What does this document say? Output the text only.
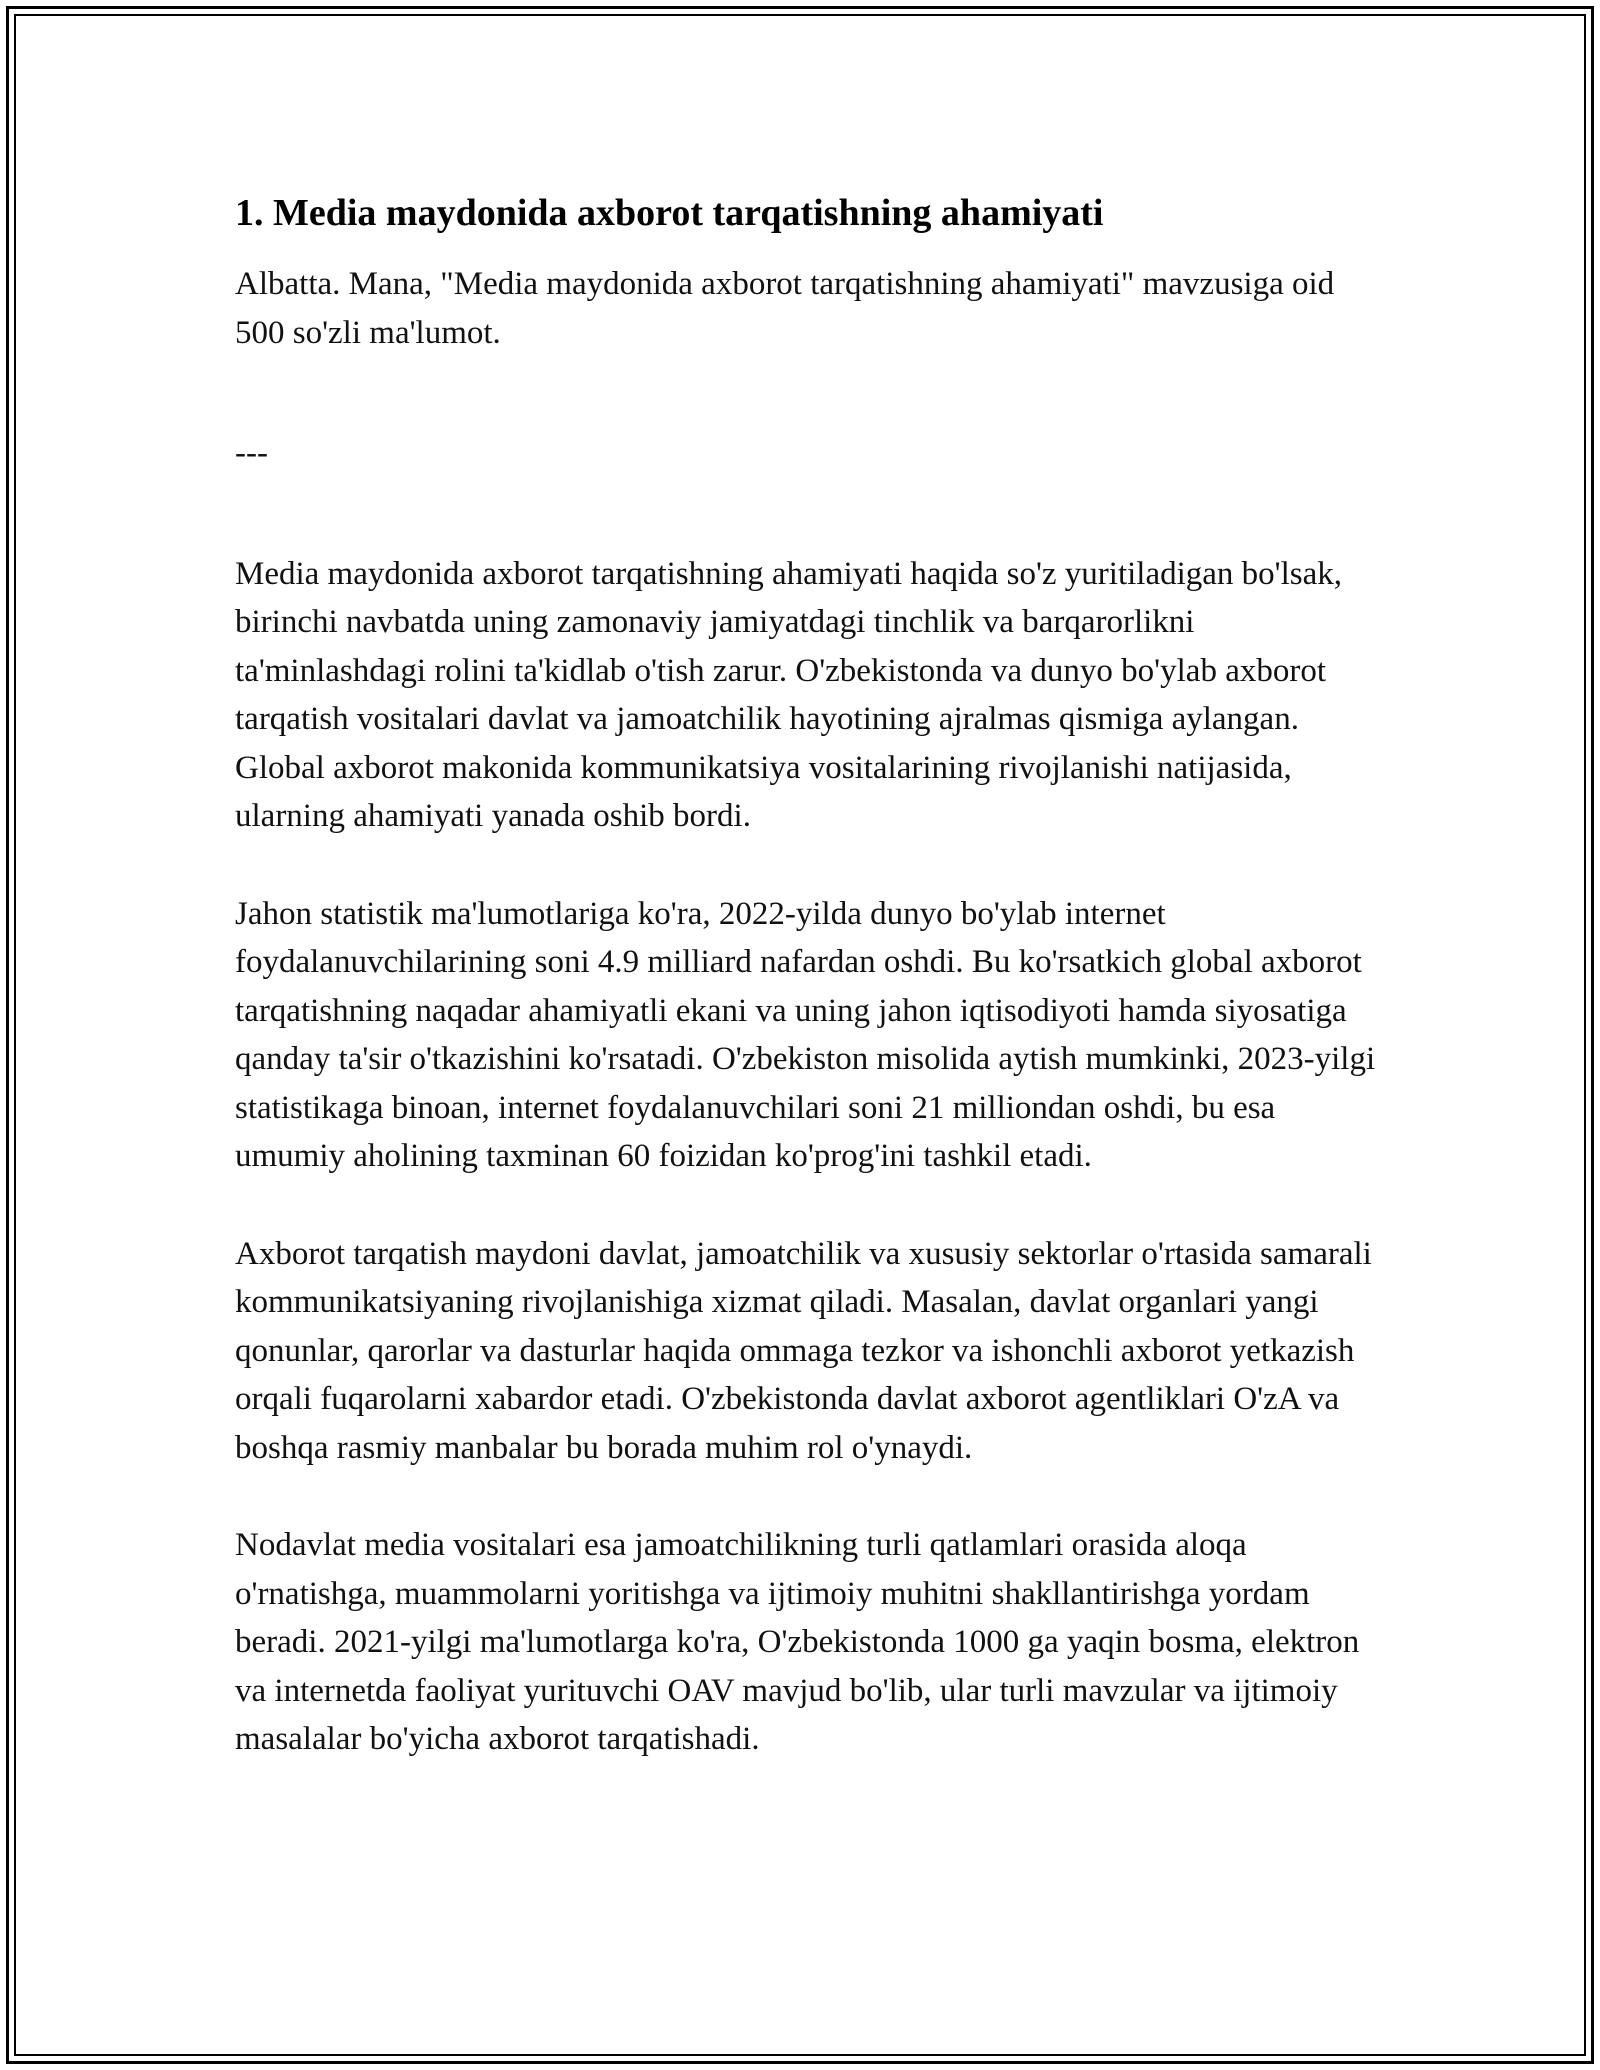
1. Media maydonida axborot tarqatishning ahamiyati

Albatta. Mana, "Media maydonida axborot tarqatishning ahamiyati" mavzusiga oid 500 so'zli ma'lumot.

---

Media maydonida axborot tarqatishning ahamiyati haqida so'z yuritiladigan bo'lsak, birinchi navbatda uning zamonaviy jamiyatdagi tinchlik va barqarorlikni ta'minlashdagi rolini ta'kidlab o'tish zarur. O'zbekistonda va dunyo bo'ylab axborot tarqatish vositalari davlat va jamoatchilik hayotining ajralmas qismiga aylangan. Global axborot makonida kommunikatsiya vositalarining rivojlanishi natijasida, ularning ahamiyati yanada oshib bordi.

Jahon statistik ma'lumotlariga ko'ra, 2022-yilda dunyo bo'ylab internet foydalanuvchilarining soni 4.9 milliard nafardan oshdi. Bu ko'rsatkich global axborot tarqatishning naqadar ahamiyatli ekani va uning jahon iqtisodiyoti hamda siyosatiga qanday ta'sir o'tkazishini ko'rsatadi. O'zbekiston misolida aytish mumkinki, 2023-yilgi statistikaga binoan, internet foydalanuvchilari soni 21 milliondan oshdi, bu esa umumiy aholining taxminan 60 foizidan ko'prog'ini tashkil etadi.

Axborot tarqatish maydoni davlat, jamoatchilik va xususiy sektorlar o'rtasida samarali kommunikatsiyaning rivojlanishiga xizmat qiladi. Masalan, davlat organlari yangi qonunlar, qarorlar va dasturlar haqida ommaga tezkor va ishonchli axborot yetkazish orqali fuqarolarni xabardor etadi. O'zbekistonda davlat axborot agentliklari O'zA va boshqa rasmiy manbalar bu borada muhim rol o'ynaydi.

Nodavlat media vositalari esa jamoatchilikning turli qatlamlari orasida aloqa o'rnatishga, muammolarni yoritishga va ijtimoiy muhitni shakllantirishga yordam beradi. 2021-yilgi ma'lumotlarga ko'ra, O'zbekistonda 1000 ga yaqin bosma, elektron va internetda faoliyat yurituvchi OAV mavjud bo'lib, ular turli mavzular va ijtimoiy masalalar bo'yicha axborot tarqatishadi.
